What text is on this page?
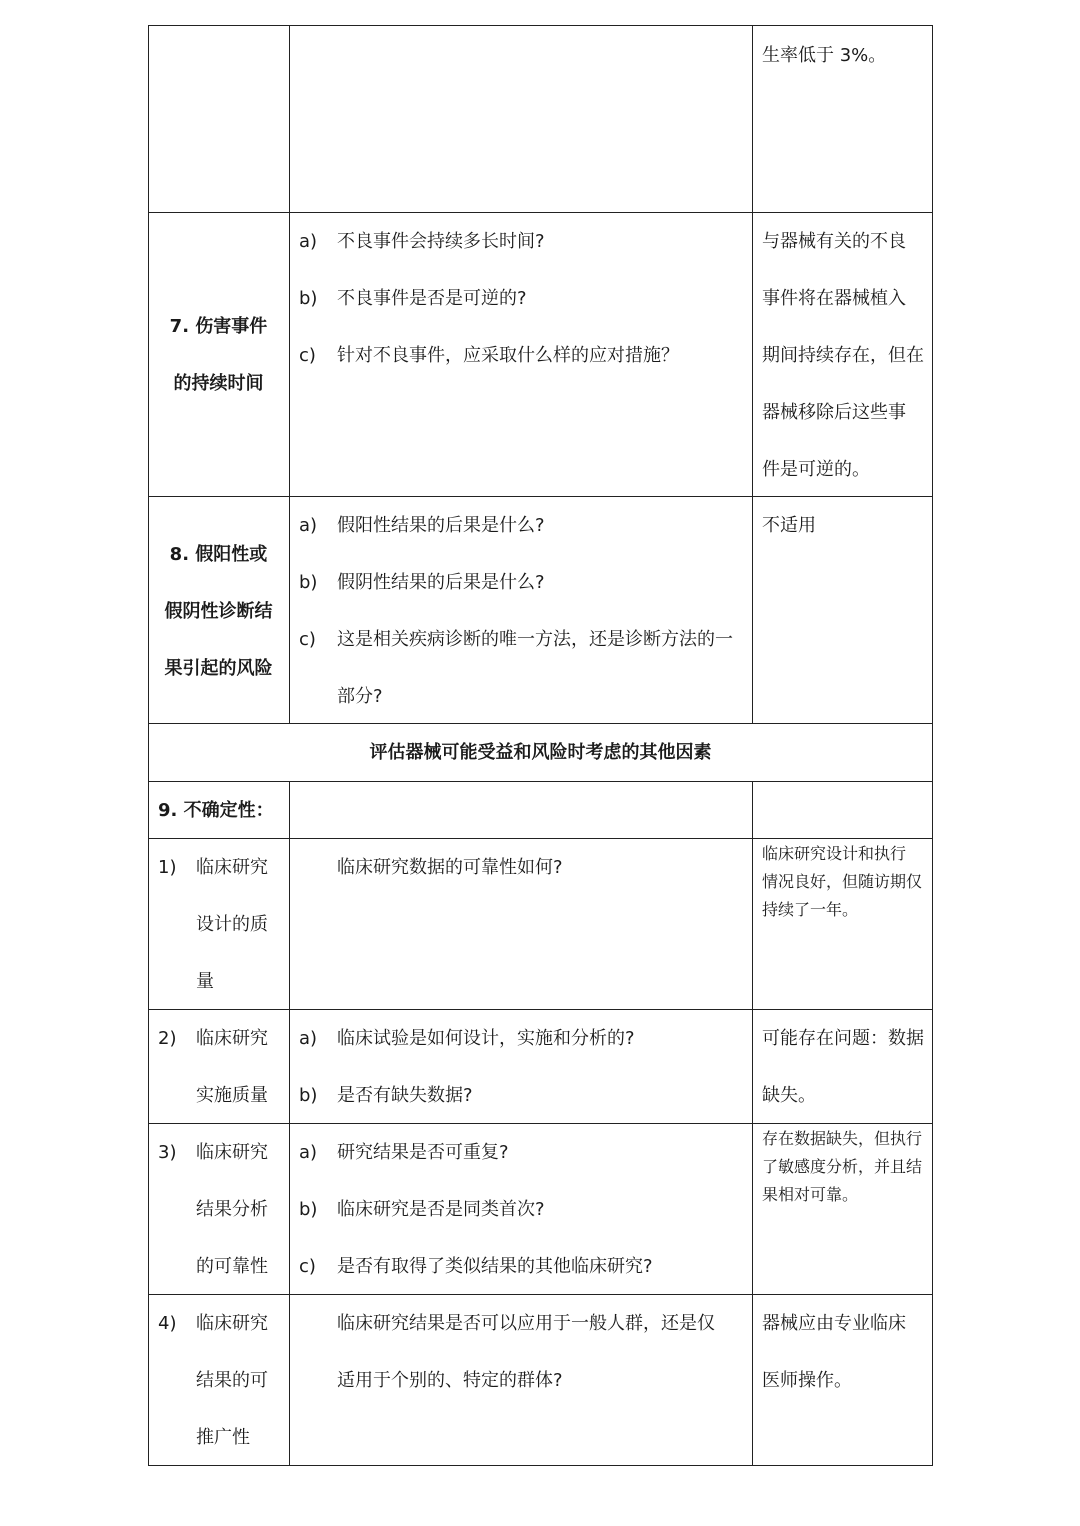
生率低于 3%。
7. 伤害事件
的持续时间
a) 不良事件会持续多长时间?
b) 不良事件是否是可逆的?
c) 针对不良事件，应采取什么样的应对措施？
与器械有关的不良
事件将在器械植入
期间持续存在，但在
器械移除后这些事
件是可逆的。
8. 假阳性或
假阴性诊断结
果引起的风险
a) 假阳性结果的后果是什么?
b) 假阴性结果的后果是什么?
c) 这是相关疾病诊断的唯一方法，还是诊断方法的一
部分?
不适用
评估器械可能受益和风险时考虑的其他因素
9. 不确定性：
1) 临床研究
设计的质
量
临床研究数据的可靠性如何?
临床研究设计和执行
情况良好，但随访期仅
持续了一年。
2) 临床研究
实施质量
a) 临床试验是如何设计，实施和分析的?
b) 是否有缺失数据?
可能存在问题：数据
缺失。
3) 临床研究
结果分析
的可靠性
a) 研究结果是否可重复?
b) 临床研究是否是同类首次?
c) 是否有取得了类似结果的其他临床研究?
存在数据缺失，但执行
了敏感度分析，并且结
果相对可靠。
4) 临床研究
结果的可
推广性
临床研究结果是否可以应用于一般人群，还是仅
适用于个别的、特定的群体?
器械应由专业临床
医师操作。
